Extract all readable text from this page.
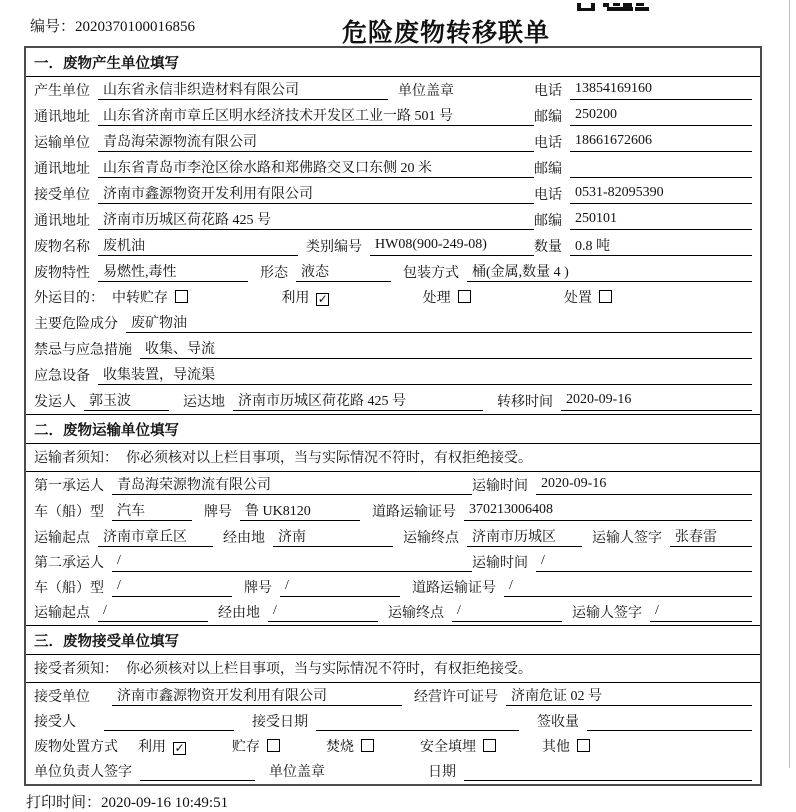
编号：2020370100016856	危险废物转移联单
一．废物产生单位填写
产生单位 山东省永信非织造材料有限公司	单位盖章	电话 13854169160
通讯地址 山东省济南市章丘区明水经济技术开发区工业一路 501 号	邮编 250200
运输单位 青岛海荣源物流有限公司	电话 18661672606
通讯地址 山东省青岛市李沧区徐水路和郑佛路交叉口东侧 20 米	邮编
接受单位 济南市鑫源物资开发利用有限公司	电话 0531-82095390
通讯地址 济南市历城区荷花路 425 号	邮编 250101
废物名称 废机油	类别编号 HW08(900-249-08)	数量 0.8 吨
废物特性 易燃性,毒性	形态 液态	包装方式 桶(金属,数量 4 )
外运目的： 中转贮存	利用 ✓	处理	处置
主要危险成分 废矿物油
禁忌与应急措施 收集、导流
应急设备 收集装置，导流渠
发运人 郭玉波	运达地 济南市历城区荷花路 425 号	转移时间 2020-09-16
二．废物运输单位填写
运输者须知： 你必须核对以上栏目事项，当与实际情况不符时，有权拒绝接受。
第一承运人 青岛海荣源物流有限公司	运输时间 2020-09-16
车（船）型 汽车	牌号 鲁 UK8120	道路运输证号 370213006408
运输起点 济南市章丘区	经由地 济南	运输终点 济南市历城区	运输人签字 张春雷
第二承运人 /	运输时间 /
车（船）型 /	牌号 /	道路运输证号 /
运输起点 /	经由地 /	运输终点 /	运输人签字 /
三．废物接受单位填写
接受者须知： 你必须核对以上栏目事项，当与实际情况不符时，有权拒绝接受。
接受单位	济南市鑫源物资开发利用有限公司	经营许可证号 济南危证 02 号
接受人	接受日期	签收量
废物处置方式 利用 ✓	贮存	焚烧	安全填埋	其他
单位负责人签字	单位盖章	日期
打印时间：2020-09-16 10:49:51
